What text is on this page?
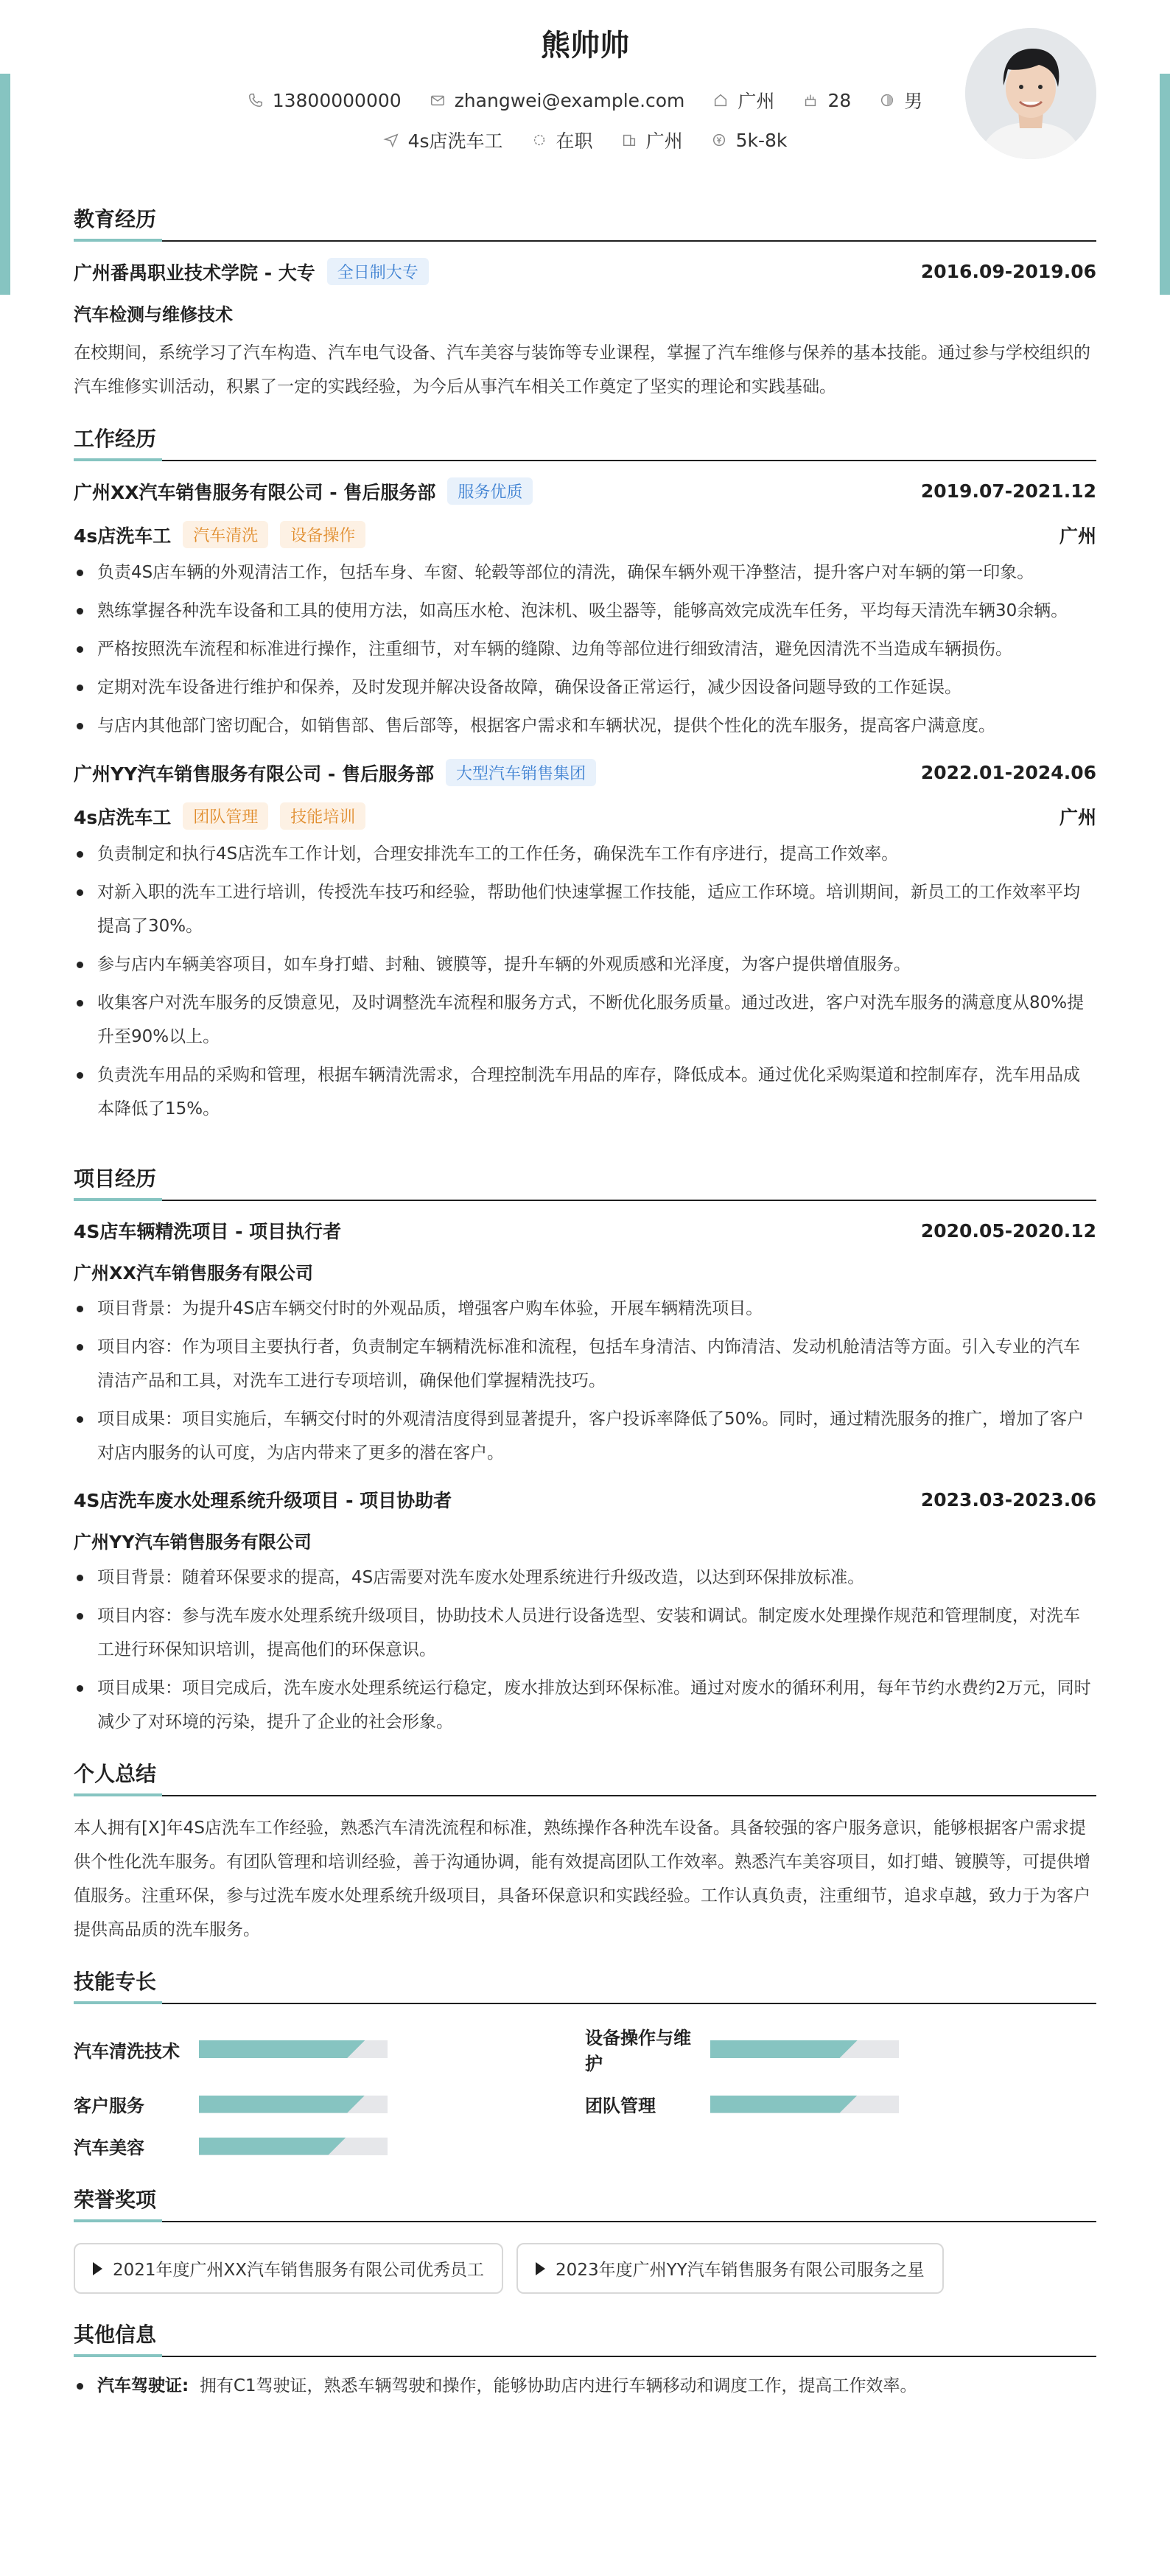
熊帅帅
13800000000	zhangwei@example.com	广州	28	男
4s店洗车工	在职	广州	5k-8k
教育经历
广州番禺职业技术学院 - 大专	全日制大专	2016.09-2019.06
汽车检测与维修技术
在校期间，系统学习了汽车构造、汽车电气设备、汽车美容与装饰等专业课程，掌握了汽车维修与保养的基本技能。通过参与学校组织的汽车维修实训活动，积累了一定的实践经验，为今后从事汽车相关工作奠定了坚实的理论和实践基础。
工作经历
广州XX汽车销售服务有限公司 - 售后服务部	服务优质	2019.07-2021.12
4s店洗车工	汽车清洗	设备操作	广州
负责4S店车辆的外观清洁工作，包括车身、车窗、轮毂等部位的清洗，确保车辆外观干净整洁，提升客户对车辆的第一印象。
熟练掌握各种洗车设备和工具的使用方法，如高压水枪、泡沫机、吸尘器等，能够高效完成洗车任务，平均每天清洗车辆30余辆。
严格按照洗车流程和标准进行操作，注重细节，对车辆的缝隙、边角等部位进行细致清洁，避免因清洗不当造成车辆损伤。
定期对洗车设备进行维护和保养，及时发现并解决设备故障，确保设备正常运行，减少因设备问题导致的工作延误。
与店内其他部门密切配合，如销售部、售后部等，根据客户需求和车辆状况，提供个性化的洗车服务，提高客户满意度。
广州YY汽车销售服务有限公司 - 售后服务部	大型汽车销售集团	2022.01-2024.06
4s店洗车工	团队管理	技能培训	广州
负责制定和执行4S店洗车工作计划，合理安排洗车工的工作任务，确保洗车工作有序进行，提高工作效率。
对新入职的洗车工进行培训，传授洗车技巧和经验，帮助他们快速掌握工作技能，适应工作环境。培训期间，新员工的工作效率平均提高了30%。
参与店内车辆美容项目，如车身打蜡、封釉、镀膜等，提升车辆的外观质感和光泽度，为客户提供增值服务。
收集客户对洗车服务的反馈意见，及时调整洗车流程和服务方式，不断优化服务质量。通过改进，客户对洗车服务的满意度从80%提升至90%以上。
负责洗车用品的采购和管理，根据车辆清洗需求，合理控制洗车用品的库存，降低成本。通过优化采购渠道和控制库存，洗车用品成本降低了15%。
项目经历
4S店车辆精洗项目 - 项目执行者	2020.05-2020.12
广州XX汽车销售服务有限公司
项目背景：为提升4S店车辆交付时的外观品质，增强客户购车体验，开展车辆精洗项目。
项目内容：作为项目主要执行者，负责制定车辆精洗标准和流程，包括车身清洁、内饰清洁、发动机舱清洁等方面。引入专业的汽车清洁产品和工具，对洗车工进行专项培训，确保他们掌握精洗技巧。
项目成果：项目实施后，车辆交付时的外观清洁度得到显著提升，客户投诉率降低了50%。同时，通过精洗服务的推广，增加了客户对店内服务的认可度，为店内带来了更多的潜在客户。
4S店洗车废水处理系统升级项目 - 项目协助者	2023.03-2023.06
广州YY汽车销售服务有限公司
项目背景：随着环保要求的提高，4S店需要对洗车废水处理系统进行升级改造，以达到环保排放标准。
项目内容：参与洗车废水处理系统升级项目，协助技术人员进行设备选型、安装和调试。制定废水处理操作规范和管理制度，对洗车工进行环保知识培训，提高他们的环保意识。
项目成果：项目完成后，洗车废水处理系统运行稳定，废水排放达到环保标准。通过对废水的循环利用，每年节约水费约2万元，同时减少了对环境的污染，提升了企业的社会形象。
个人总结
本人拥有[X]年4S店洗车工作经验，熟悉汽车清洗流程和标准，熟练操作各种洗车设备。具备较强的客户服务意识，能够根据客户需求提供个性化洗车服务。有团队管理和培训经验，善于沟通协调，能有效提高团队工作效率。熟悉汽车美容项目，如打蜡、镀膜等，可提供增值服务。注重环保，参与过洗车废水处理系统升级项目，具备环保意识和实践经验。工作认真负责，注重细节，追求卓越，致力于为客户提供高品质的洗车服务。
技能专长
汽车清洗技术
设备操作与维护
客户服务	团队管理
汽车美容
荣誉奖项
2021年度广州XX汽车销售服务有限公司优秀员工	2023年度广州YY汽车销售服务有限公司服务之星
其他信息
汽车驾驶证: 拥有C1驾驶证，熟悉车辆驾驶和操作，能够协助店内进行车辆移动和调度工作，提高工作效率。
